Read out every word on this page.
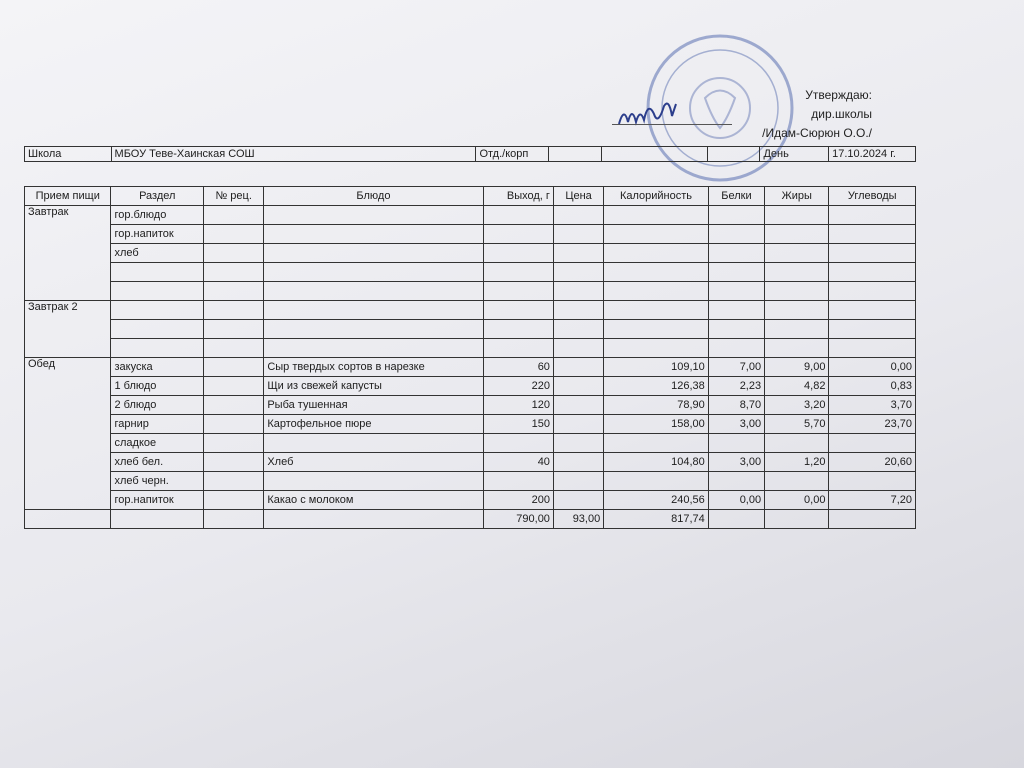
Утверждаю:
дир.школы
/Идам-Сюрюн О.О./
Школа	МБОУ Теве-Хаинская СОШ	Отд./корп				День	17.10.2024 г.
Прием пищи	Раздел	№ рец.	Блюдо	Выход, г	Цена	Калорийность	Белки	Жиры	Углеводы
Завтрак	гор.блюдо								
	гор.напиток								
	хлеб								

Завтрак 2									

Обед	закуска		Сыр твердых сортов в нарезке	60		109,10	7,00	9,00	0,00
	1 блюдо		Щи из свежей капусты	220		126,38	2,23	4,82	0,83
	2 блюдо		Рыба тушенная	120		78,90	8,70	3,20	3,70
	гарнир		Картофельное пюре	150		158,00	3,00	5,70	23,70
	сладкое								
	хлеб бел.		Хлеб	40		104,80	3,00	1,20	20,60
	хлеб черн.								
	гор.напиток		Какао с молоком	200		240,56	0,00	0,00	7,20
				790,00	93,00	817,74			
